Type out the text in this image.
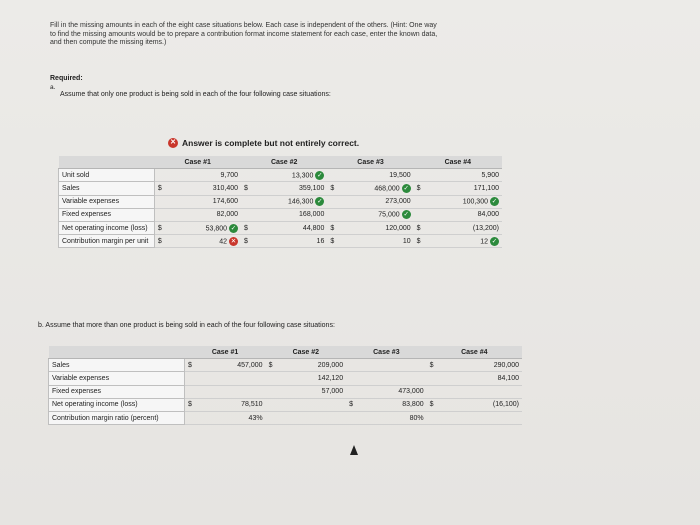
Fill in the missing amounts in each of the eight case situations below. Each case is independent of the others. (Hint: One way to find the missing amounts would be to prepare a contribution format income statement for each case, enter the known data, and then compute the missing items.)
Required:
a.
Assume that only one product is being sold in each of the four following case situations:
✕ Answer is complete but not entirely correct.
	Case #1		Case #2		Case #3		Case #4	
Unit sold		9,700		13,300 ✓		19,500		5,900
Sales	$	310,400	$	359,100	$	468,000 ✓	$	171,100
Variable expenses		174,600		146,300 ✓		273,000		100,300 ✓
Fixed expenses		82,000		168,000		75,000 ✓		84,000
Net operating income (loss)	$	53,800 ✓	$	44,800	$	120,000	$	(13,200)
Contribution margin per unit	$	42 ✕	$	16	$	10	$	12 ✓
b. Assume that more than one product is being sold in each of the four following case situations:
	Case #1		Case #2		Case #3		Case #4	
Sales	$	457,000	$	209,000			$	290,000
Variable expenses				142,120				84,100
Fixed expenses				57,000		473,000		
Net operating income (loss)	$	78,510			$	83,800	$	(16,100)
Contribution margin ratio (percent)		43%				80%		
